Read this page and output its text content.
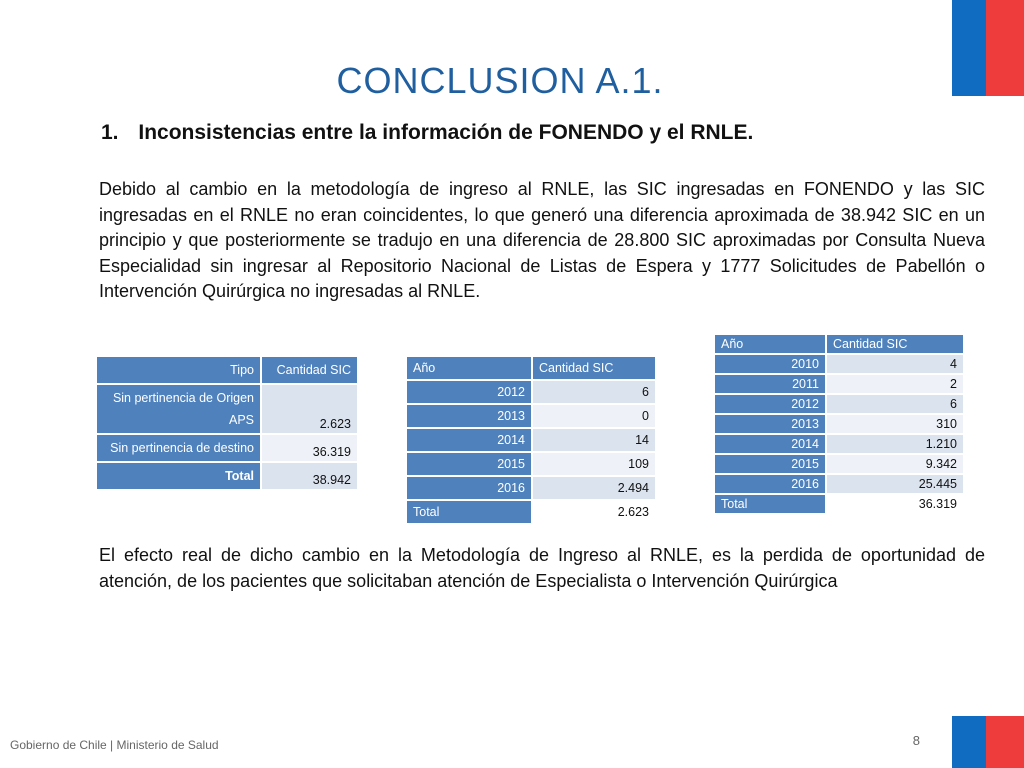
CONCLUSION A.1.
1. Inconsistencias entre la información de FONENDO y el RNLE.
Debido al cambio en la metodología de ingreso al RNLE, las SIC ingresadas en FONENDO y las SIC ingresadas en el RNLE no eran coincidentes, lo que generó una diferencia aproximada de 38.942 SIC en un principio y que posteriormente se tradujo en una diferencia de 28.800 SIC aproximadas por Consulta Nueva Especialidad sin ingresar al Repositorio Nacional de Listas de Espera y 1777 Solicitudes de Pabellón o Intervención Quirúrgica no ingresadas al RNLE.
Tipo	Cantidad SIC
Sin pertinencia de Origen APS	2.623
Sin pertinencia de destino	36.319
Total	38.942
Año	Cantidad SIC
2012	6
2013	0
2014	14
2015	109
2016	2.494
Total	2.623
Año	Cantidad SIC
2010	4
2011	2
2012	6
2013	310
2014	1.210
2015	9.342
2016	25.445
Total	36.319
El efecto real de dicho cambio en la Metodología de Ingreso al RNLE, es la perdida de oportunidad de atención, de los pacientes que solicitaban atención de Especialista o Intervención Quirúrgica
Gobierno de Chile | Ministerio de Salud	8
